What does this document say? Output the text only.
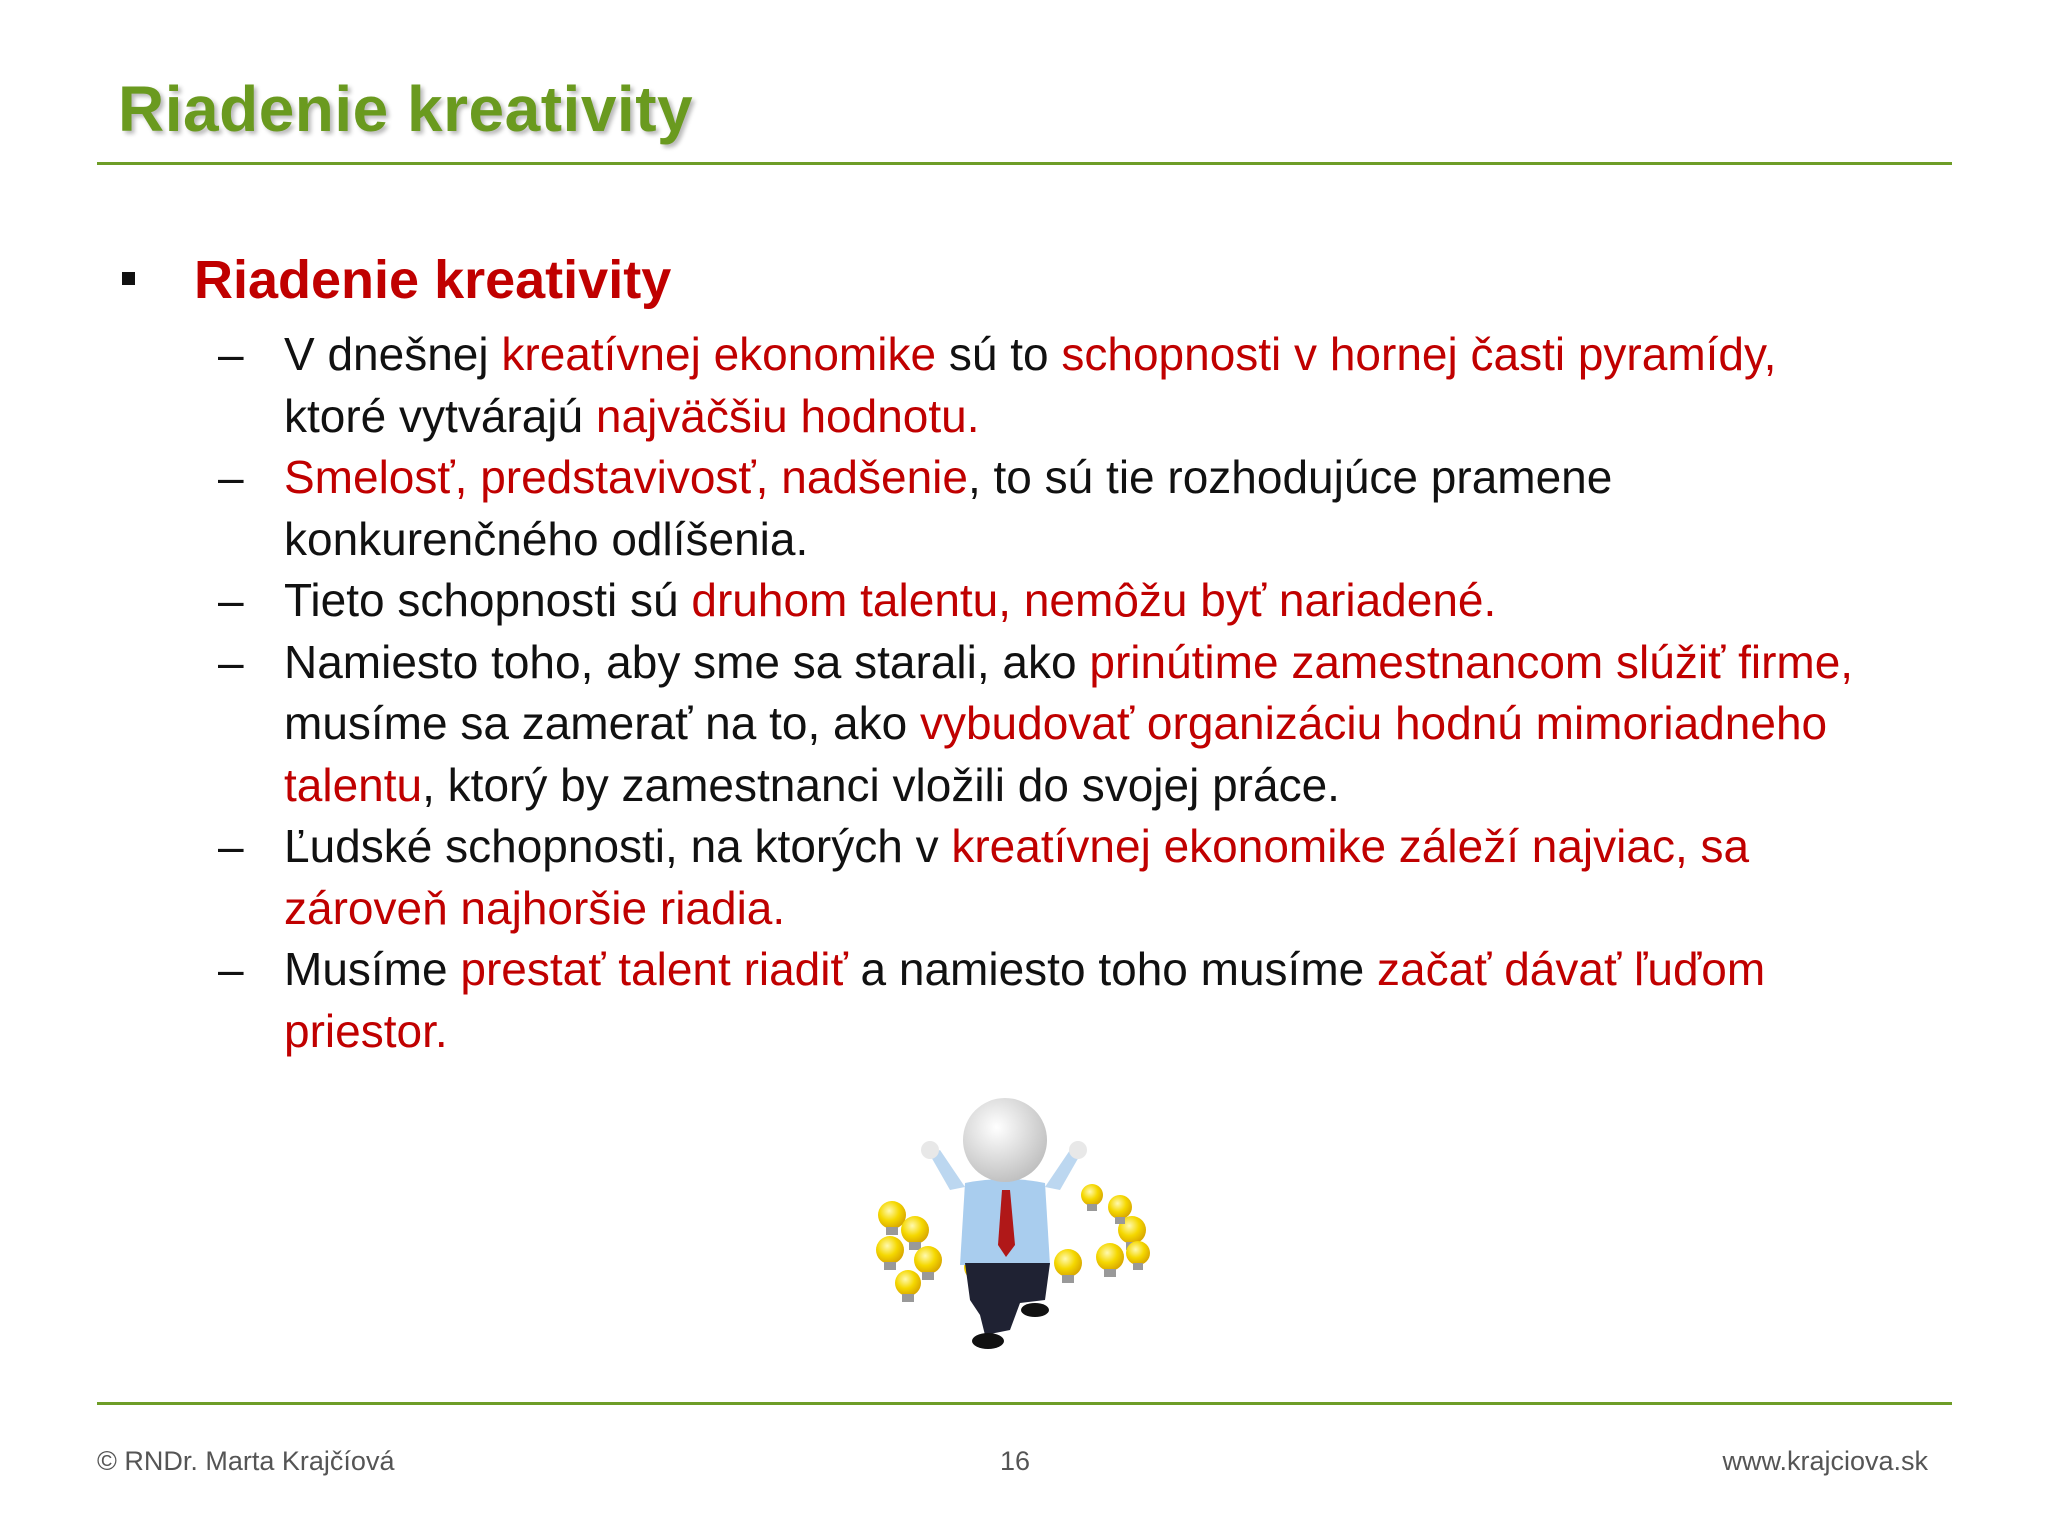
Riadenie kreativity
Riadenie kreativity
– V dnešnej kreatívnej ekonomike sú to schopnosti v hornej časti pyramídy, ktoré vytvárajú najväčšiu hodnotu.
– Smelosť, predstavivosť, nadšenie, to sú tie rozhodujúce pramene konkurenčného odlíšenia.
– Tieto schopnosti sú druhom talentu, nemôžu byť nariadené.
– Namiesto toho, aby sme sa starali, ako prinútime zamestnancom slúžiť firme, musíme sa zamerať na to, ako vybudovať organizáciu hodnú mimoriadneho talentu, ktorý by zamestnanci vložili do svojej práce.
– Ľudské schopnosti, na ktorých v kreatívnej ekonomike záleží najviac, sa zároveň najhoršie riadia.
– Musíme prestať talent riadiť a namiesto toho musíme začať dávať ľuďom priestor.
© RNDr. Marta Krajčíová	16	www.krajciova.sk
